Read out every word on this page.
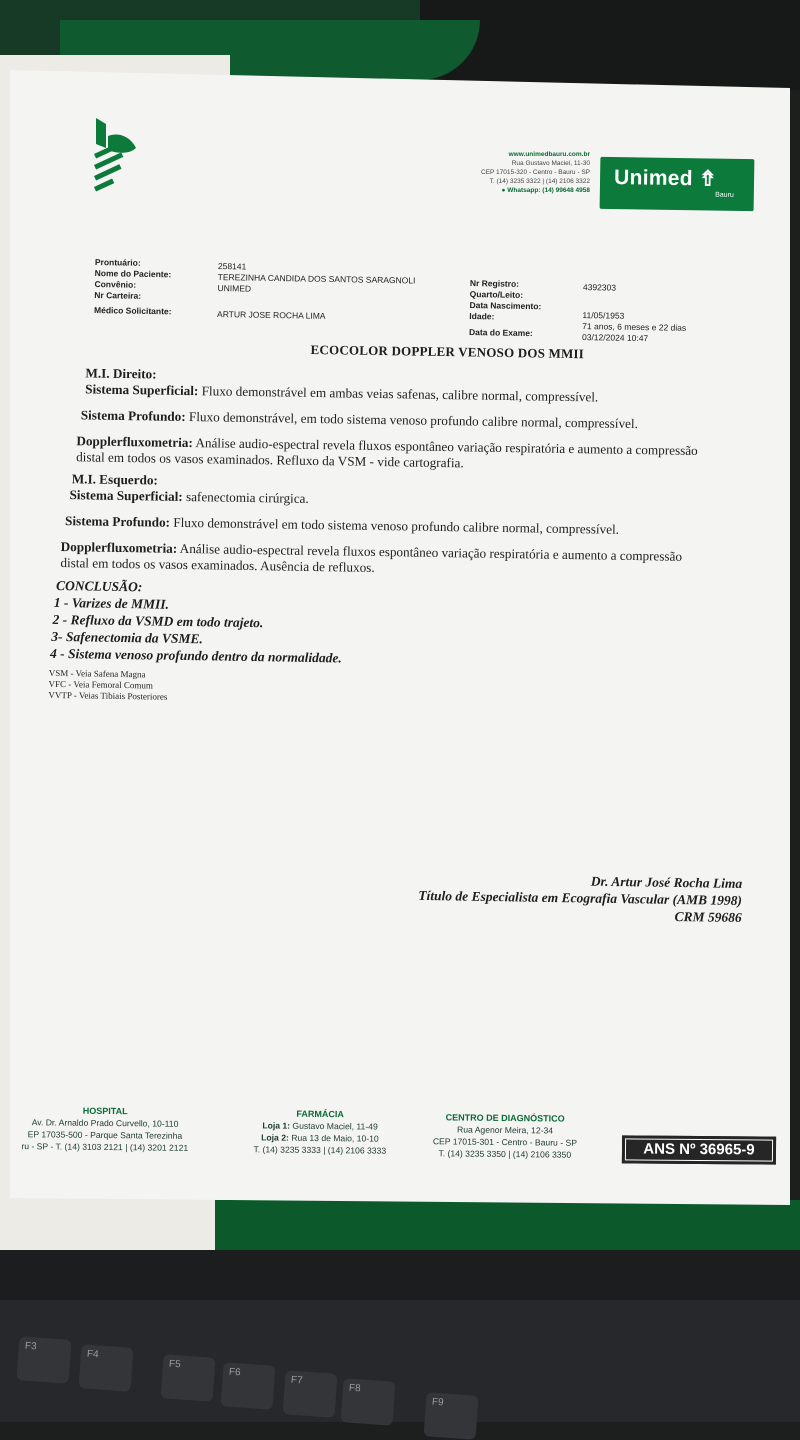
F3
F4
F5
F6
F7
F8
F9
www.unimedbauru.com.br
Rua Gustavo Maciel, 11-30
CEP 17015-320 - Centro - Bauru - SP
T. (14) 3235 3322 | (14) 2106 3322
● Whatsapp: (14) 99648 4958
Unimed ⇮
Bauru
Prontuário:
Nome do Paciente:
Convênio:
Nr Carteira:
Médico Solicitante:
258141
TEREZINHA CANDIDA DOS SANTOS SARAGNOLI
UNIMED
ARTUR JOSE ROCHA LIMA
Nr Registro:
Quarto/Leito:
Data Nascimento:
Idade:
Data do Exame:
4392303
11/05/1953
71 anos, 6 meses e 22 dias
03/12/2024 10:47
ECOCOLOR DOPPLER VENOSO DOS MMII

M.I. Direito:

Sistema Superficial: Fluxo demonstrável em ambas veias safenas, calibre normal, compressível.

Sistema Profundo: Fluxo demonstrável, em todo sistema venoso profundo calibre normal, compressível.

Dopplerfluxometria: Análise audio-espectral revela fluxos espontâneo variação respiratória e aumento a compressão distal em todos os vasos examinados. Refluxo da VSM - vide cartografia.

M.I. Esquerdo:

Sistema Superficial: safenectomia cirúrgica.

Sistema Profundo: Fluxo demonstrável em todo sistema venoso profundo calibre normal, compressível.

Dopplerfluxometria: Análise audio-espectral revela fluxos espontâneo variação respiratória e aumento a compressão distal em todos os vasos examinados. Ausência de refluxos.

CONCLUSÃO:
1 - Varizes de MMII.
2 - Refluxo da VSMD em todo trajeto.
3- Safenectomia da VSME.
4 - Sistema venoso profundo dentro da normalidade.
VSM - Veia Safena Magna
VFC - Veia Femoral Comum
VVTP - Veias Tibiais Posteriores
Dr. Artur José Rocha Lima
Título de Especialista em Ecografia Vascular (AMB 1998)
CRM 59686
HOSPITAL
Av. Dr. Arnaldo Prado Curvello, 10-110
EP 17035-500 - Parque Santa Terezinha
ru - SP - T. (14) 3103 2121 | (14) 3201 2121
FARMÁCIA
Loja 1: Gustavo Maciel, 11-49
Loja 2: Rua 13 de Maio, 10-10
T. (14) 3235 3333 | (14) 2106 3333
CENTRO DE DIAGNÓSTICO
Rua Agenor Meira, 12-34
CEP 17015-301 - Centro - Bauru - SP
T. (14) 3235 3350 | (14) 2106 3350	ANS Nº 36965-9
